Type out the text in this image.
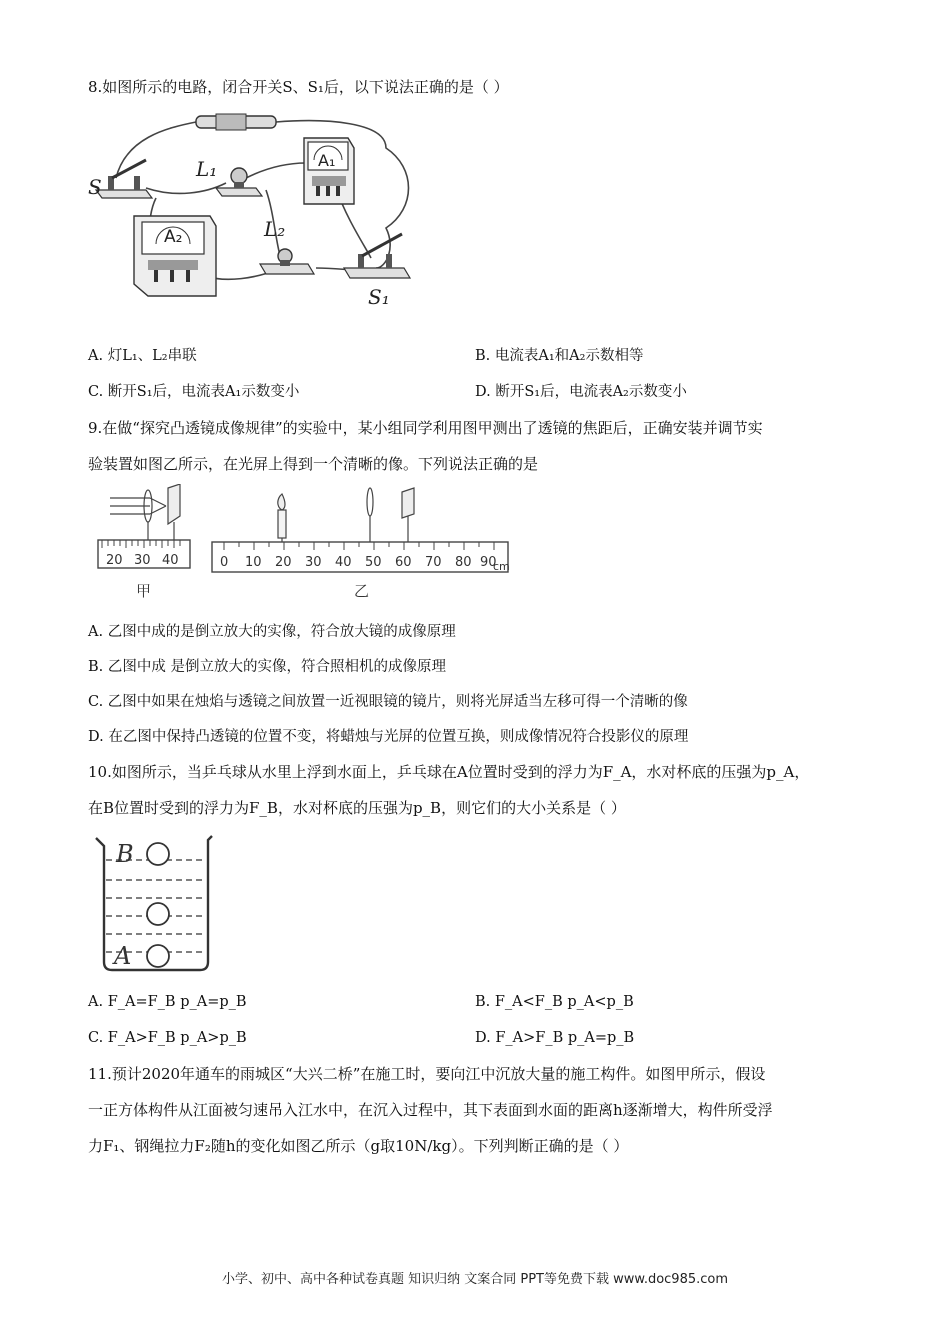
8.如图所示的电路，闭合开关S、S₁后，以下说法正确的是（ ）
S
L₁	A₁
A₂	L₂
S₁
A. 灯L₁、L₂串联	B. 电流表A₁和A₂示数相等
C. 断开S₁后，电流表A₁示数变小	D. 断开S₁后，电流表A₂示数变小
9.在做“探究凸透镜成像规律”的实验中，某小组同学利用图甲测出了透镜的焦距后，正确安装并调节实
验装置如图乙所示，在光屏上得到一个清晰的像。下列说法正确的是
20 30 40
甲
0 10 20 30 40 50 60 70 80 90
cm
乙
A. 乙图中成的是倒立放大的实像，符合放大镜的成像原理
B. 乙图中成 是倒立放大的实像，符合照相机的成像原理
C. 乙图中如果在烛焰与透镜之间放置一近视眼镜的镜片，则将光屏适当左移可得一个清晰的像
D. 在乙图中保持凸透镜的位置不变，将蜡烛与光屏的位置互换，则成像情况符合投影仪的原理
10.如图所示，当乒乓球从水里上浮到水面上，乒乓球在A位置时受到的浮力为F_A，水对杯底的压强为p_A，
在B位置时受到的浮力为F_B，水对杯底的压强为p_B，则它们的大小关系是（ ）
B
A
A. F_A=F_B p_A=p_B	B. F_A<F_B p_A<p_B
C. F_A>F_B p_A>p_B	D. F_A>F_B p_A=p_B
11.预计2020年通车的雨城区“大兴二桥”在施工时，要向江中沉放大量的施工构件。如图甲所示，假设
一正方体构件从江面被匀速吊入江水中，在沉入过程中，其下表面到水面的距离h逐渐增大，构件所受浮
力F₁、钢绳拉力F₂随h的变化如图乙所示（g取10N/kg）。下列判断正确的是（ ）
小学、初中、高中各种试卷真题 知识归纳 文案合同 PPT等免费下载 www.doc985.com
